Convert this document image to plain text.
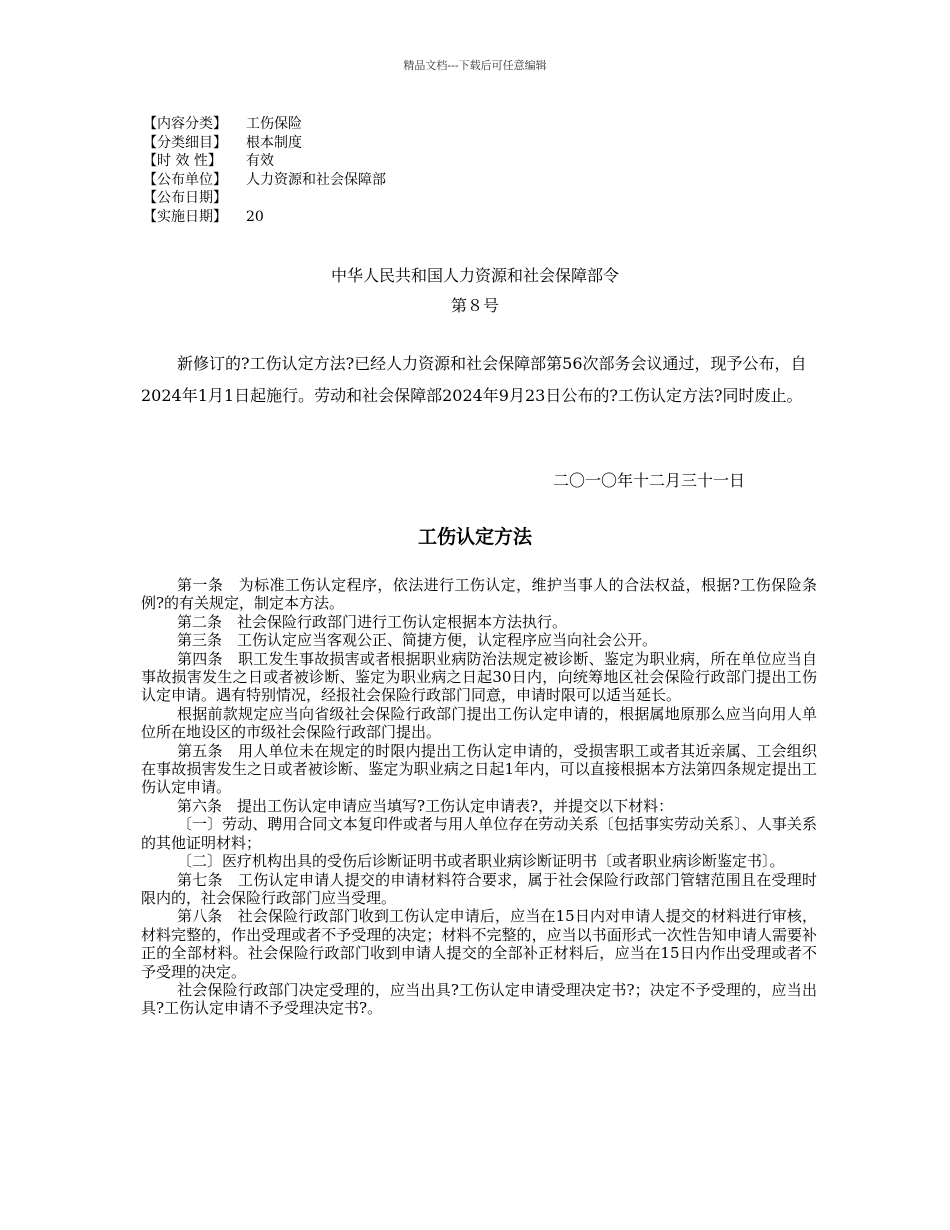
精品文档---下载后可任意编辑
【内容分类】	工伤保险
【分类细目】	根本制度
【时 效 性】	有效
【公布单位】	人力资源和社会保障部
【公布日期】
【实施日期】	20
中华人民共和国人力资源和社会保障部令
第８号
新修订的?工伤认定方法?已经人力资源和社会保障部第56次部务会议通过，现予公布，自2024年1月1日起施行。劳动和社会保障部2024年9月23日公布的?工伤认定方法?同时废止。
二〇一〇年十二月三十一日
工伤认定方法

第一条　为标准工伤认定程序，依法进行工伤认定，维护当事人的合法权益，根据?工伤保险条例?的有关规定，制定本方法。

第二条　社会保险行政部门进行工伤认定根据本方法执行。

第三条　工伤认定应当客观公正、简捷方便，认定程序应当向社会公开。

第四条　职工发生事故损害或者根据职业病防治法规定被诊断、鉴定为职业病，所在单位应当自事故损害发生之日或者被诊断、鉴定为职业病之日起30日内，向统筹地区社会保险行政部门提出工伤认定申请。遇有特别情况，经报社会保险行政部门同意，申请时限可以适当延长。

根据前款规定应当向省级社会保险行政部门提出工伤认定申请的，根据属地原那么应当向用人单位所在地设区的市级社会保险行政部门提出。

第五条　用人单位未在规定的时限内提出工伤认定申请的，受损害职工或者其近亲属、工会组织在事故损害发生之日或者被诊断、鉴定为职业病之日起1年内，可以直接根据本方法第四条规定提出工伤认定申请。

第六条　提出工伤认定申请应当填写?工伤认定申请表?，并提交以下材料：

〔一〕劳动、聘用合同文本复印件或者与用人单位存在劳动关系〔包括事实劳动关系〕、人事关系的其他证明材料；

〔二〕医疗机构出具的受伤后诊断证明书或者职业病诊断证明书〔或者职业病诊断鉴定书〕。

第七条　工伤认定申请人提交的申请材料符合要求，属于社会保险行政部门管辖范围且在受理时限内的，社会保险行政部门应当受理。

第八条　社会保险行政部门收到工伤认定申请后，应当在15日内对申请人提交的材料进行审核，材料完整的，作出受理或者不予受理的决定；材料不完整的，应当以书面形式一次性告知申请人需要补正的全部材料。社会保险行政部门收到申请人提交的全部补正材料后，应当在15日内作出受理或者不予受理的决定。

社会保险行政部门决定受理的，应当出具?工伤认定申请受理决定书?；决定不予受理的，应当出具?工伤认定申请不予受理决定书?。
